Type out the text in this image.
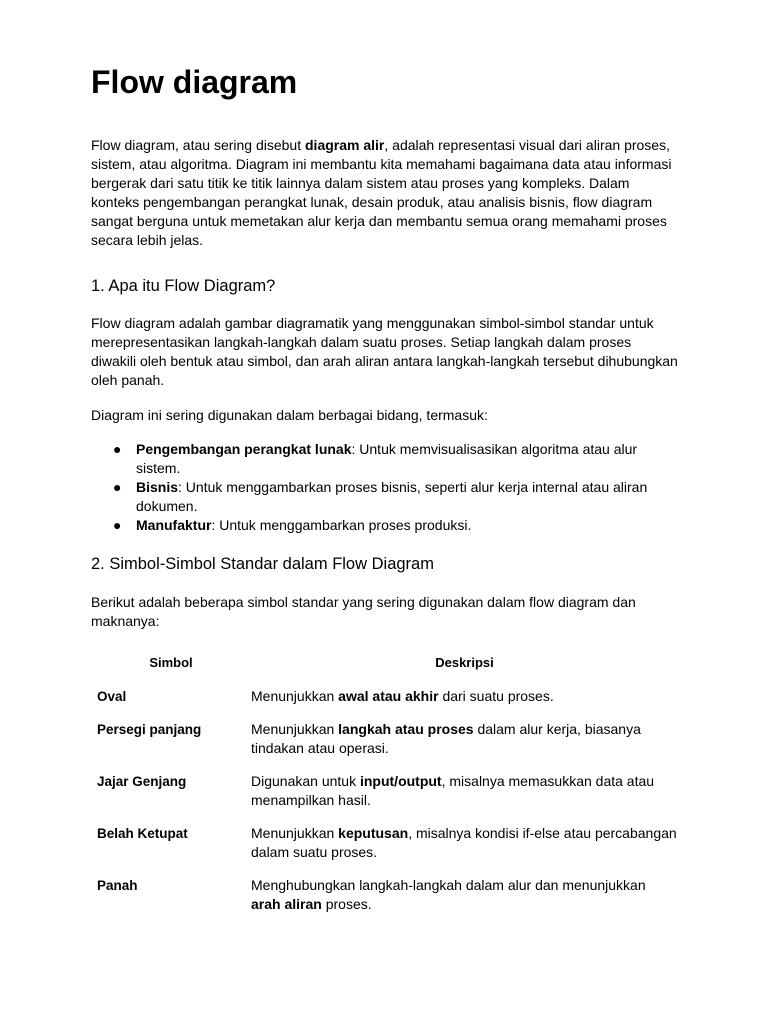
Flow diagram

Flow diagram, atau sering disebut diagram alir, adalah representasi visual dari aliran proses, sistem, atau algoritma. Diagram ini membantu kita memahami bagaimana data atau informasi bergerak dari satu titik ke titik lainnya dalam sistem atau proses yang kompleks. Dalam konteks pengembangan perangkat lunak, desain produk, atau analisis bisnis, flow diagram sangat berguna untuk memetakan alur kerja dan membantu semua orang memahami proses secara lebih jelas.

1. Apa itu Flow Diagram?

Flow diagram adalah gambar diagramatik yang menggunakan simbol-simbol standar untuk merepresentasikan langkah-langkah dalam suatu proses. Setiap langkah dalam proses diwakili oleh bentuk atau simbol, dan arah aliran antara langkah-langkah tersebut dihubungkan oleh panah.

Diagram ini sering digunakan dalam berbagai bidang, termasuk:

● Pengembangan perangkat lunak: Untuk memvisualisasikan algoritma atau alur sistem.
● Bisnis: Untuk menggambarkan proses bisnis, seperti alur kerja internal atau aliran dokumen.
● Manufaktur: Untuk menggambarkan proses produksi.
2. Simbol-Simbol Standar dalam Flow Diagram

Berikut adalah beberapa simbol standar yang sering digunakan dalam flow diagram dan maknanya:

Simbol	Deskripsi
Oval	Menunjukkan awal atau akhir dari suatu proses.
Persegi panjang	Menunjukkan langkah atau proses dalam alur kerja, biasanya tindakan atau operasi.
Jajar Genjang	Digunakan untuk input/output, misalnya memasukkan data atau menampilkan hasil.
Belah Ketupat	Menunjukkan keputusan, misalnya kondisi if-else atau percabangan dalam suatu proses.
Panah	Menghubungkan langkah-langkah dalam alur dan menunjukkan arah aliran proses.
